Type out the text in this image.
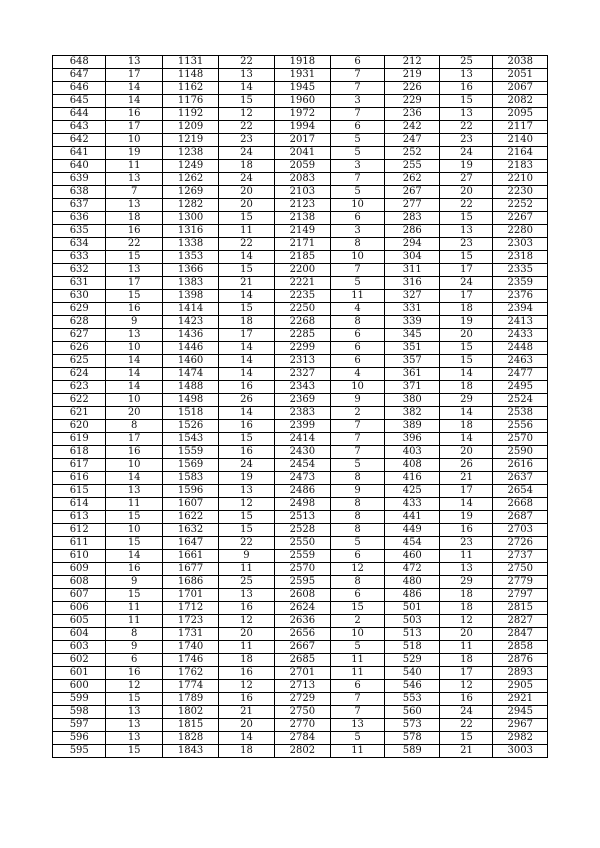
648	13	1131	22	1918	6	212	25	2038
647	17	1148	13	1931	7	219	13	2051
646	14	1162	14	1945	7	226	16	2067
645	14	1176	15	1960	3	229	15	2082
644	16	1192	12	1972	7	236	13	2095
643	17	1209	22	1994	6	242	22	2117
642	10	1219	23	2017	5	247	23	2140
641	19	1238	24	2041	5	252	24	2164
640	11	1249	18	2059	3	255	19	2183
639	13	1262	24	2083	7	262	27	2210
638	7	1269	20	2103	5	267	20	2230
637	13	1282	20	2123	10	277	22	2252
636	18	1300	15	2138	6	283	15	2267
635	16	1316	11	2149	3	286	13	2280
634	22	1338	22	2171	8	294	23	2303
633	15	1353	14	2185	10	304	15	2318
632	13	1366	15	2200	7	311	17	2335
631	17	1383	21	2221	5	316	24	2359
630	15	1398	14	2235	11	327	17	2376
629	16	1414	15	2250	4	331	18	2394
628	9	1423	18	2268	8	339	19	2413
627	13	1436	17	2285	6	345	20	2433
626	10	1446	14	2299	6	351	15	2448
625	14	1460	14	2313	6	357	15	2463
624	14	1474	14	2327	4	361	14	2477
623	14	1488	16	2343	10	371	18	2495
622	10	1498	26	2369	9	380	29	2524
621	20	1518	14	2383	2	382	14	2538
620	8	1526	16	2399	7	389	18	2556
619	17	1543	15	2414	7	396	14	2570
618	16	1559	16	2430	7	403	20	2590
617	10	1569	24	2454	5	408	26	2616
616	14	1583	19	2473	8	416	21	2637
615	13	1596	13	2486	9	425	17	2654
614	11	1607	12	2498	8	433	14	2668
613	15	1622	15	2513	8	441	19	2687
612	10	1632	15	2528	8	449	16	2703
611	15	1647	22	2550	5	454	23	2726
610	14	1661	9	2559	6	460	11	2737
609	16	1677	11	2570	12	472	13	2750
608	9	1686	25	2595	8	480	29	2779
607	15	1701	13	2608	6	486	18	2797
606	11	1712	16	2624	15	501	18	2815
605	11	1723	12	2636	2	503	12	2827
604	8	1731	20	2656	10	513	20	2847
603	9	1740	11	2667	5	518	11	2858
602	6	1746	18	2685	11	529	18	2876
601	16	1762	16	2701	11	540	17	2893
600	12	1774	12	2713	6	546	12	2905
599	15	1789	16	2729	7	553	16	2921
598	13	1802	21	2750	7	560	24	2945
597	13	1815	20	2770	13	573	22	2967
596	13	1828	14	2784	5	578	15	2982
595	15	1843	18	2802	11	589	21	3003
